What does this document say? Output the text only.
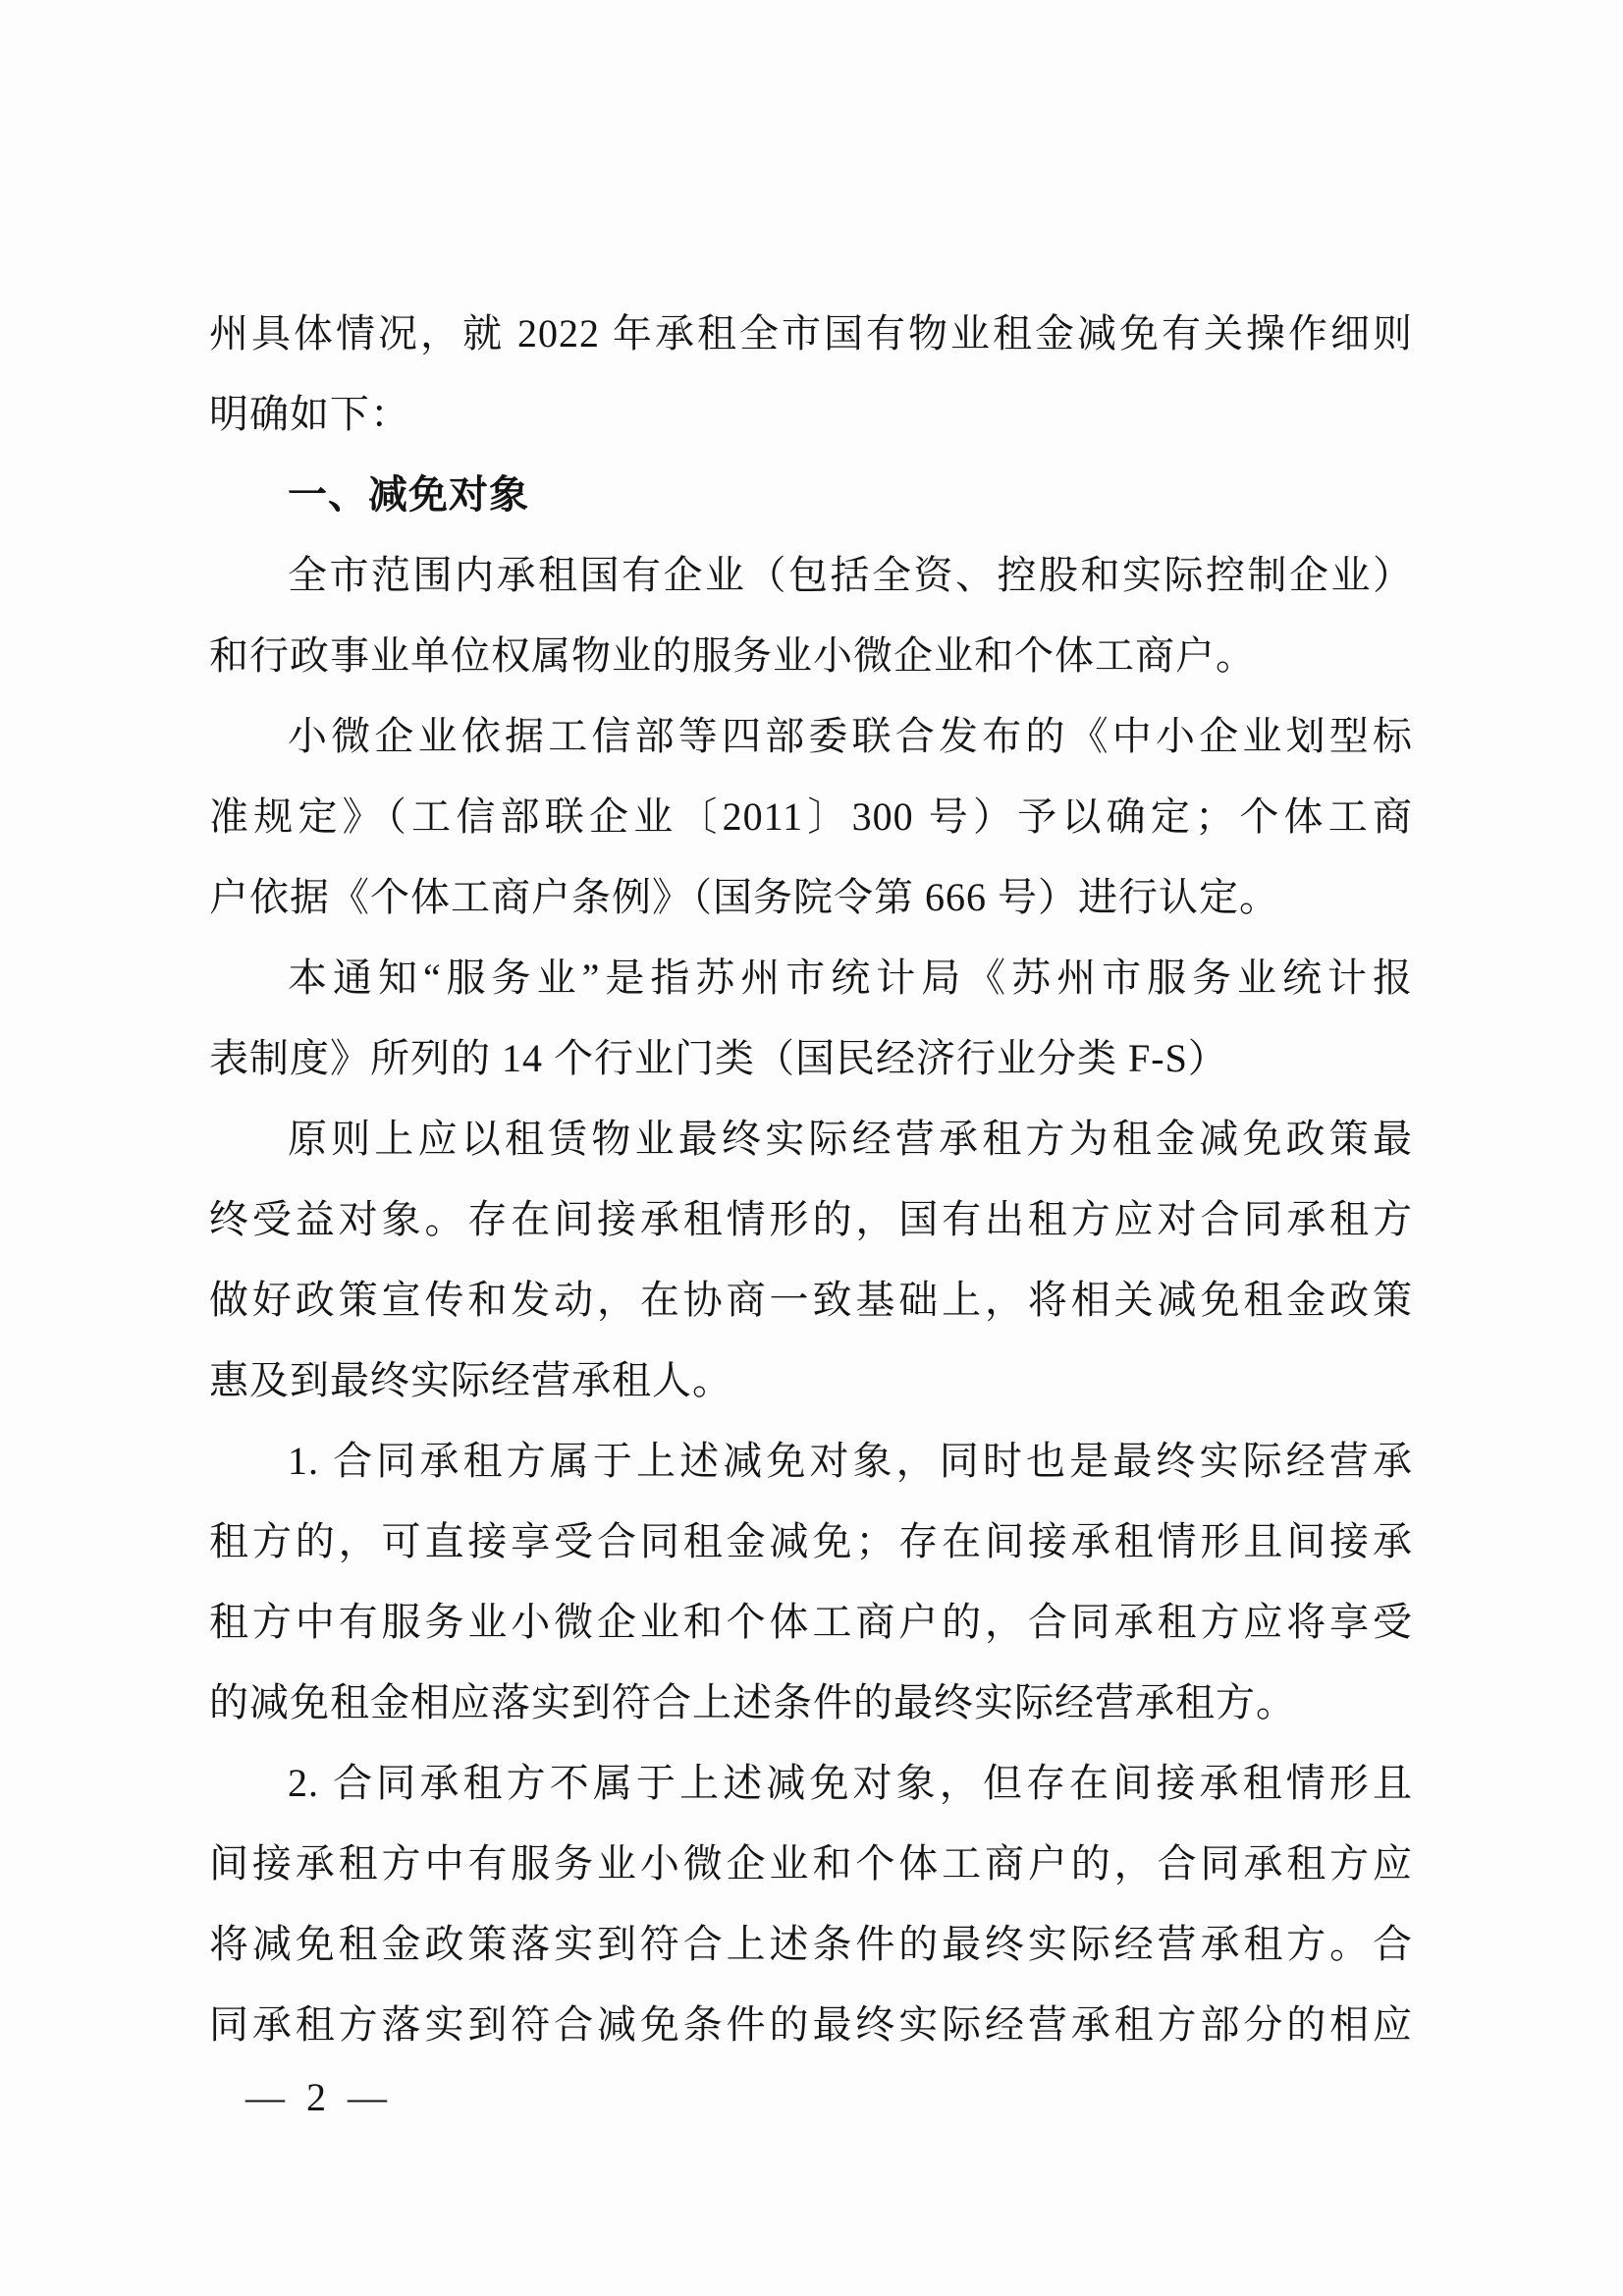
州具体情况，就 2022 年承租全市国有物业租金减免有关操作细则
明确如下：
一、减免对象
全市范围内承租国有企业（包括全资、控股和实际控制企业）
和行政事业单位权属物业的服务业小微企业和个体工商户。
小微企业依据工信部等四部委联合发布的《中小企业划型标
准规定》（工信部联企业〔2011〕300 号）予以确定；个体工商
户依据《个体工商户条例》（国务院令第 666 号）进行认定。
本通知“服务业”是指苏州市统计局《苏州市服务业统计报
表制度》所列的 14 个行业门类（国民经济行业分类 F-S）
原则上应以租赁物业最终实际经营承租方为租金减免政策最
终受益对象。存在间接承租情形的，国有出租方应对合同承租方
做好政策宣传和发动，在协商一致基础上，将相关减免租金政策
惠及到最终实际经营承租人。
1. 合同承租方属于上述减免对象，同时也是最终实际经营承
租方的，可直接享受合同租金减免；存在间接承租情形且间接承
租方中有服务业小微企业和个体工商户的，合同承租方应将享受
的减免租金相应落实到符合上述条件的最终实际经营承租方。
2. 合同承租方不属于上述减免对象，但存在间接承租情形且
间接承租方中有服务业小微企业和个体工商户的，合同承租方应
将减免租金政策落实到符合上述条件的最终实际经营承租方。合
同承租方落实到符合减免条件的最终实际经营承租方部分的相应
— 2 —
